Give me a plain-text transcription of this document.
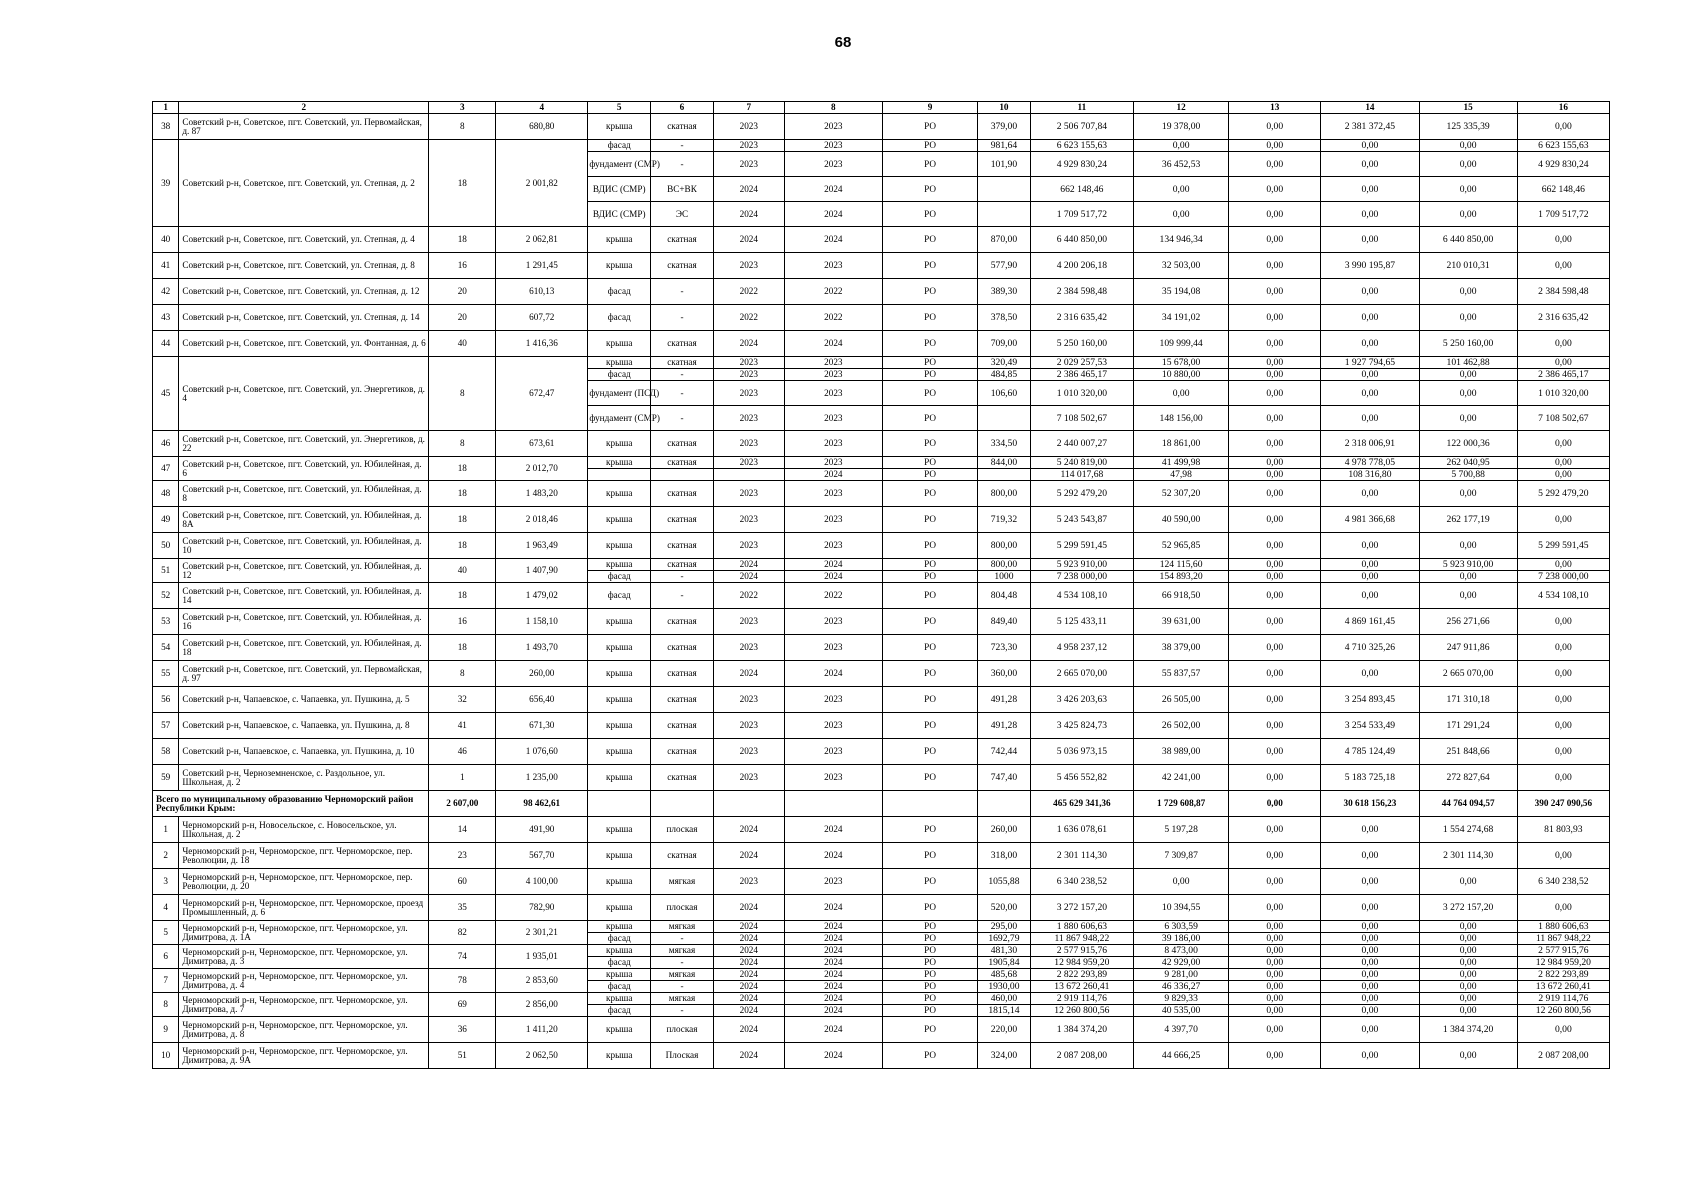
68
1	2	3	4	5	6	7	8	9	10	11	12	13	14	15	16
38	Советский р-н, Советское, пгт. Советский, ул. Первомайская, д. 87	8	680,80	крыша	скатная	2023	2023	РО	379,00	2 506 707,84	19 378,00	0,00	2 381 372,45	125 335,39	0,00
39	Советский р-н, Советское, пгт. Советский, ул. Степная, д. 2	18	2 001,82	фасад	-	2023	2023	РО	981,64	6 623 155,63	0,00	0,00	0,00	0,00	6 623 155,63
				фундамент (СМР)	-	2023	2023	РО	101,90	4 929 830,24	36 452,53	0,00	0,00	0,00	4 929 830,24
				ВДИС (СМР)	ВС+ВК	2024	2024	РО		662 148,46	0,00	0,00	0,00	0,00	662 148,46
				ВДИС (СМР)	ЭС	2024	2024	РО		1 709 517,72	0,00	0,00	0,00	0,00	1 709 517,72
40	Советский р-н, Советское, пгт. Советский, ул. Степная, д. 4	18	2 062,81	крыша	скатная	2024	2024	РО	870,00	6 440 850,00	134 946,34	0,00	0,00	6 440 850,00	0,00
41	Советский р-н, Советское, пгт. Советский, ул. Степная, д. 8	16	1 291,45	крыша	скатная	2023	2023	РО	577,90	4 200 206,18	32 503,00	0,00	3 990 195,87	210 010,31	0,00
42	Советский р-н, Советское, пгт. Советский, ул. Степная, д. 12	20	610,13	фасад	-	2022	2022	РО	389,30	2 384 598,48	35 194,08	0,00	0,00	0,00	2 384 598,48
43	Советский р-н, Советское, пгт. Советский, ул. Степная, д. 14	20	607,72	фасад	-	2022	2022	РО	378,50	2 316 635,42	34 191,02	0,00	0,00	0,00	2 316 635,42
44	Советский р-н, Советское, пгт. Советский, ул. Фонтанная, д. 6	40	1 416,36	крыша	скатная	2024	2024	РО	709,00	5 250 160,00	109 999,44	0,00	0,00	5 250 160,00	0,00
45	Советский р-н, Советское, пгт. Советский, ул. Энергетиков, д. 4	8	672,47	крыша	скатная	2023	2023	РО	320,49	2 029 257,53	15 678,00	0,00	1 927 794,65	101 462,88	0,00
				фасад	-	2023	2023	РО	484,85	2 386 465,17	10 880,00	0,00	0,00	0,00	2 386 465,17
				фундамент (ПСД)	-	2023	2023	РО	106,60	1 010 320,00	0,00	0,00	0,00	0,00	1 010 320,00
				фундамент (СМР)	-	2023	2023	РО		7 108 502,67	148 156,00	0,00	0,00	0,00	7 108 502,67
46	Советский р-н, Советское, пгт. Советский, ул. Энергетиков, д. 22	8	673,61	крыша	скатная	2023	2023	РО	334,50	2 440 007,27	18 861,00	0,00	2 318 006,91	122 000,36	0,00
47	Советский р-н, Советское, пгт. Советский, ул. Юбилейная, д. 6	18	2 012,70	крыша	скатная	2023	2023	РО	844,00	5 240 819,00	41 499,98	0,00	4 978 778,05	262 040,95	0,00
							2024	РО		114 017,68	47,98	0,00	108 316,80	5 700,88	0,00
48	Советский р-н, Советское, пгт. Советский, ул. Юбилейная, д. 8	18	1 483,20	крыша	скатная	2023	2023	РО	800,00	5 292 479,20	52 307,20	0,00	0,00	0,00	5 292 479,20
49	Советский р-н, Советское, пгт. Советский, ул. Юбилейная, д. 8А	18	2 018,46	крыша	скатная	2023	2023	РО	719,32	5 243 543,87	40 590,00	0,00	4 981 366,68	262 177,19	0,00
50	Советский р-н, Советское, пгт. Советский, ул. Юбилейная, д. 10	18	1 963,49	крыша	скатная	2023	2023	РО	800,00	5 299 591,45	52 965,85	0,00	0,00	0,00	5 299 591,45
51	Советский р-н, Советское, пгт. Советский, ул. Юбилейная, д. 12	40	1 407,90	крыша	скатная	2024	2024	РО	800,00	5 923 910,00	124 115,60	0,00	0,00	5 923 910,00	0,00
				фасад	-	2024	2024	РО	1000	7 238 000,00	154 893,20	0,00	0,00	0,00	7 238 000,00
52	Советский р-н, Советское, пгт. Советский, ул. Юбилейная, д. 14	18	1 479,02	фасад	-	2022	2022	РО	804,48	4 534 108,10	66 918,50	0,00	0,00	0,00	4 534 108,10
53	Советский р-н, Советское, пгт. Советский, ул. Юбилейная, д. 16	16	1 158,10	крыша	скатная	2023	2023	РО	849,40	5 125 433,11	39 631,00	0,00	4 869 161,45	256 271,66	0,00
54	Советский р-н, Советское, пгт. Советский, ул. Юбилейная, д. 18	18	1 493,70	крыша	скатная	2023	2023	РО	723,30	4 958 237,12	38 379,00	0,00	4 710 325,26	247 911,86	0,00
55	Советский р-н, Советское, пгт. Советский, ул. Первомайская, д. 97	8	260,00	крыша	скатная	2024	2024	РО	360,00	2 665 070,00	55 837,57	0,00	0,00	2 665 070,00	0,00
56	Советский р-н, Чапаевское, с. Чапаевка, ул. Пушкина, д. 5	32	656,40	крыша	скатная	2023	2023	РО	491,28	3 426 203,63	26 505,00	0,00	3 254 893,45	171 310,18	0,00
57	Советский р-н, Чапаевское, с. Чапаевка, ул. Пушкина, д. 8	41	671,30	крыша	скатная	2023	2023	РО	491,28	3 425 824,73	26 502,00	0,00	3 254 533,49	171 291,24	0,00
58	Советский р-н, Чапаевское, с. Чапаевка, ул. Пушкина, д. 10	46	1 076,60	крыша	скатная	2023	2023	РО	742,44	5 036 973,15	38 989,00	0,00	4 785 124,49	251 848,66	0,00
59	Советский р-н, Черноземненское, с. Раздольное, ул. Школьная, д. 2	1	1 235,00	крыша	скатная	2023	2023	РО	747,40	5 456 552,82	42 241,00	0,00	5 183 725,18	272 827,64	0,00
Всего по муниципальному образованию Черноморский район Республики Крым:		2 607,00	98 462,61							465 629 341,36	1 729 608,87	0,00	30 618 156,23	44 764 094,57	390 247 090,56
1	Черноморский р-н, Новосельское, с. Новосельское, ул. Школьная, д. 2	14	491,90	крыша	плоская	2024	2024	РО	260,00	1 636 078,61	5 197,28	0,00	0,00	1 554 274,68	81 803,93
2	Черноморский р-н, Черноморское, пгт. Черноморское, пер. Революции, д. 18	23	567,70	крыша	скатная	2024	2024	РО	318,00	2 301 114,30	7 309,87	0,00	0,00	2 301 114,30	0,00
3	Черноморский р-н, Черноморское, пгт. Черноморское, пер. Революции, д. 20	60	4 100,00	крыша	мягкая	2023	2023	РО	1055,88	6 340 238,52	0,00	0,00	0,00	0,00	6 340 238,52
4	Черноморский р-н, Черноморское, пгт. Черноморское, проезд Промышленный, д. 6	35	782,90	крыша	плоская	2024	2024	РО	520,00	3 272 157,20	10 394,55	0,00	0,00	3 272 157,20	0,00
5	Черноморский р-н, Черноморское, пгт. Черноморское, ул. Димитрова, д. 1А	82	2 301,21	крыша	мягкая	2024	2024	РО	295,00	1 880 606,63	6 303,59	0,00	0,00	0,00	1 880 606,63
				фасад	-	2024	2024	РО	1692,79	11 867 948,22	39 186,00	0,00	0,00	0,00	11 867 948,22
6	Черноморский р-н, Черноморское, пгт. Черноморское, ул. Димитрова, д. 3	74	1 935,01	крыша	мягкая	2024	2024	РО	481,30	2 577 915,76	8 473,00	0,00	0,00	0,00	2 577 915,76
				фасад	-	2024	2024	РО	1905,84	12 984 959,20	42 929,00	0,00	0,00	0,00	12 984 959,20
7	Черноморский р-н, Черноморское, пгт. Черноморское, ул. Димитрова, д. 4	78	2 853,60	крыша	мягкая	2024	2024	РО	485,68	2 822 293,89	9 281,00	0,00	0,00	0,00	2 822 293,89
				фасад	-	2024	2024	РО	1930,00	13 672 260,41	46 336,27	0,00	0,00	0,00	13 672 260,41
8	Черноморский р-н, Черноморское, пгт. Черноморское, ул. Димитрова, д. 7	69	2 856,00	крыша	мягкая	2024	2024	РО	460,00	2 919 114,76	9 829,33	0,00	0,00	0,00	2 919 114,76
				фасад	-	2024	2024	РО	1815,14	12 260 800,56	40 535,00	0,00	0,00	0,00	12 260 800,56
9	Черноморский р-н, Черноморское, пгт. Черноморское, ул. Димитрова, д. 8	36	1 411,20	крыша	плоская	2024	2024	РО	220,00	1 384 374,20	4 397,70	0,00	0,00	1 384 374,20	0,00
10	Черноморский р-н, Черноморское, пгт. Черноморское, ул. Димитрова, д. 9А	51	2 062,50	крыша	Плоская	2024	2024	РО	324,00	2 087 208,00	44 666,25	0,00	0,00	0,00	2 087 208,00
